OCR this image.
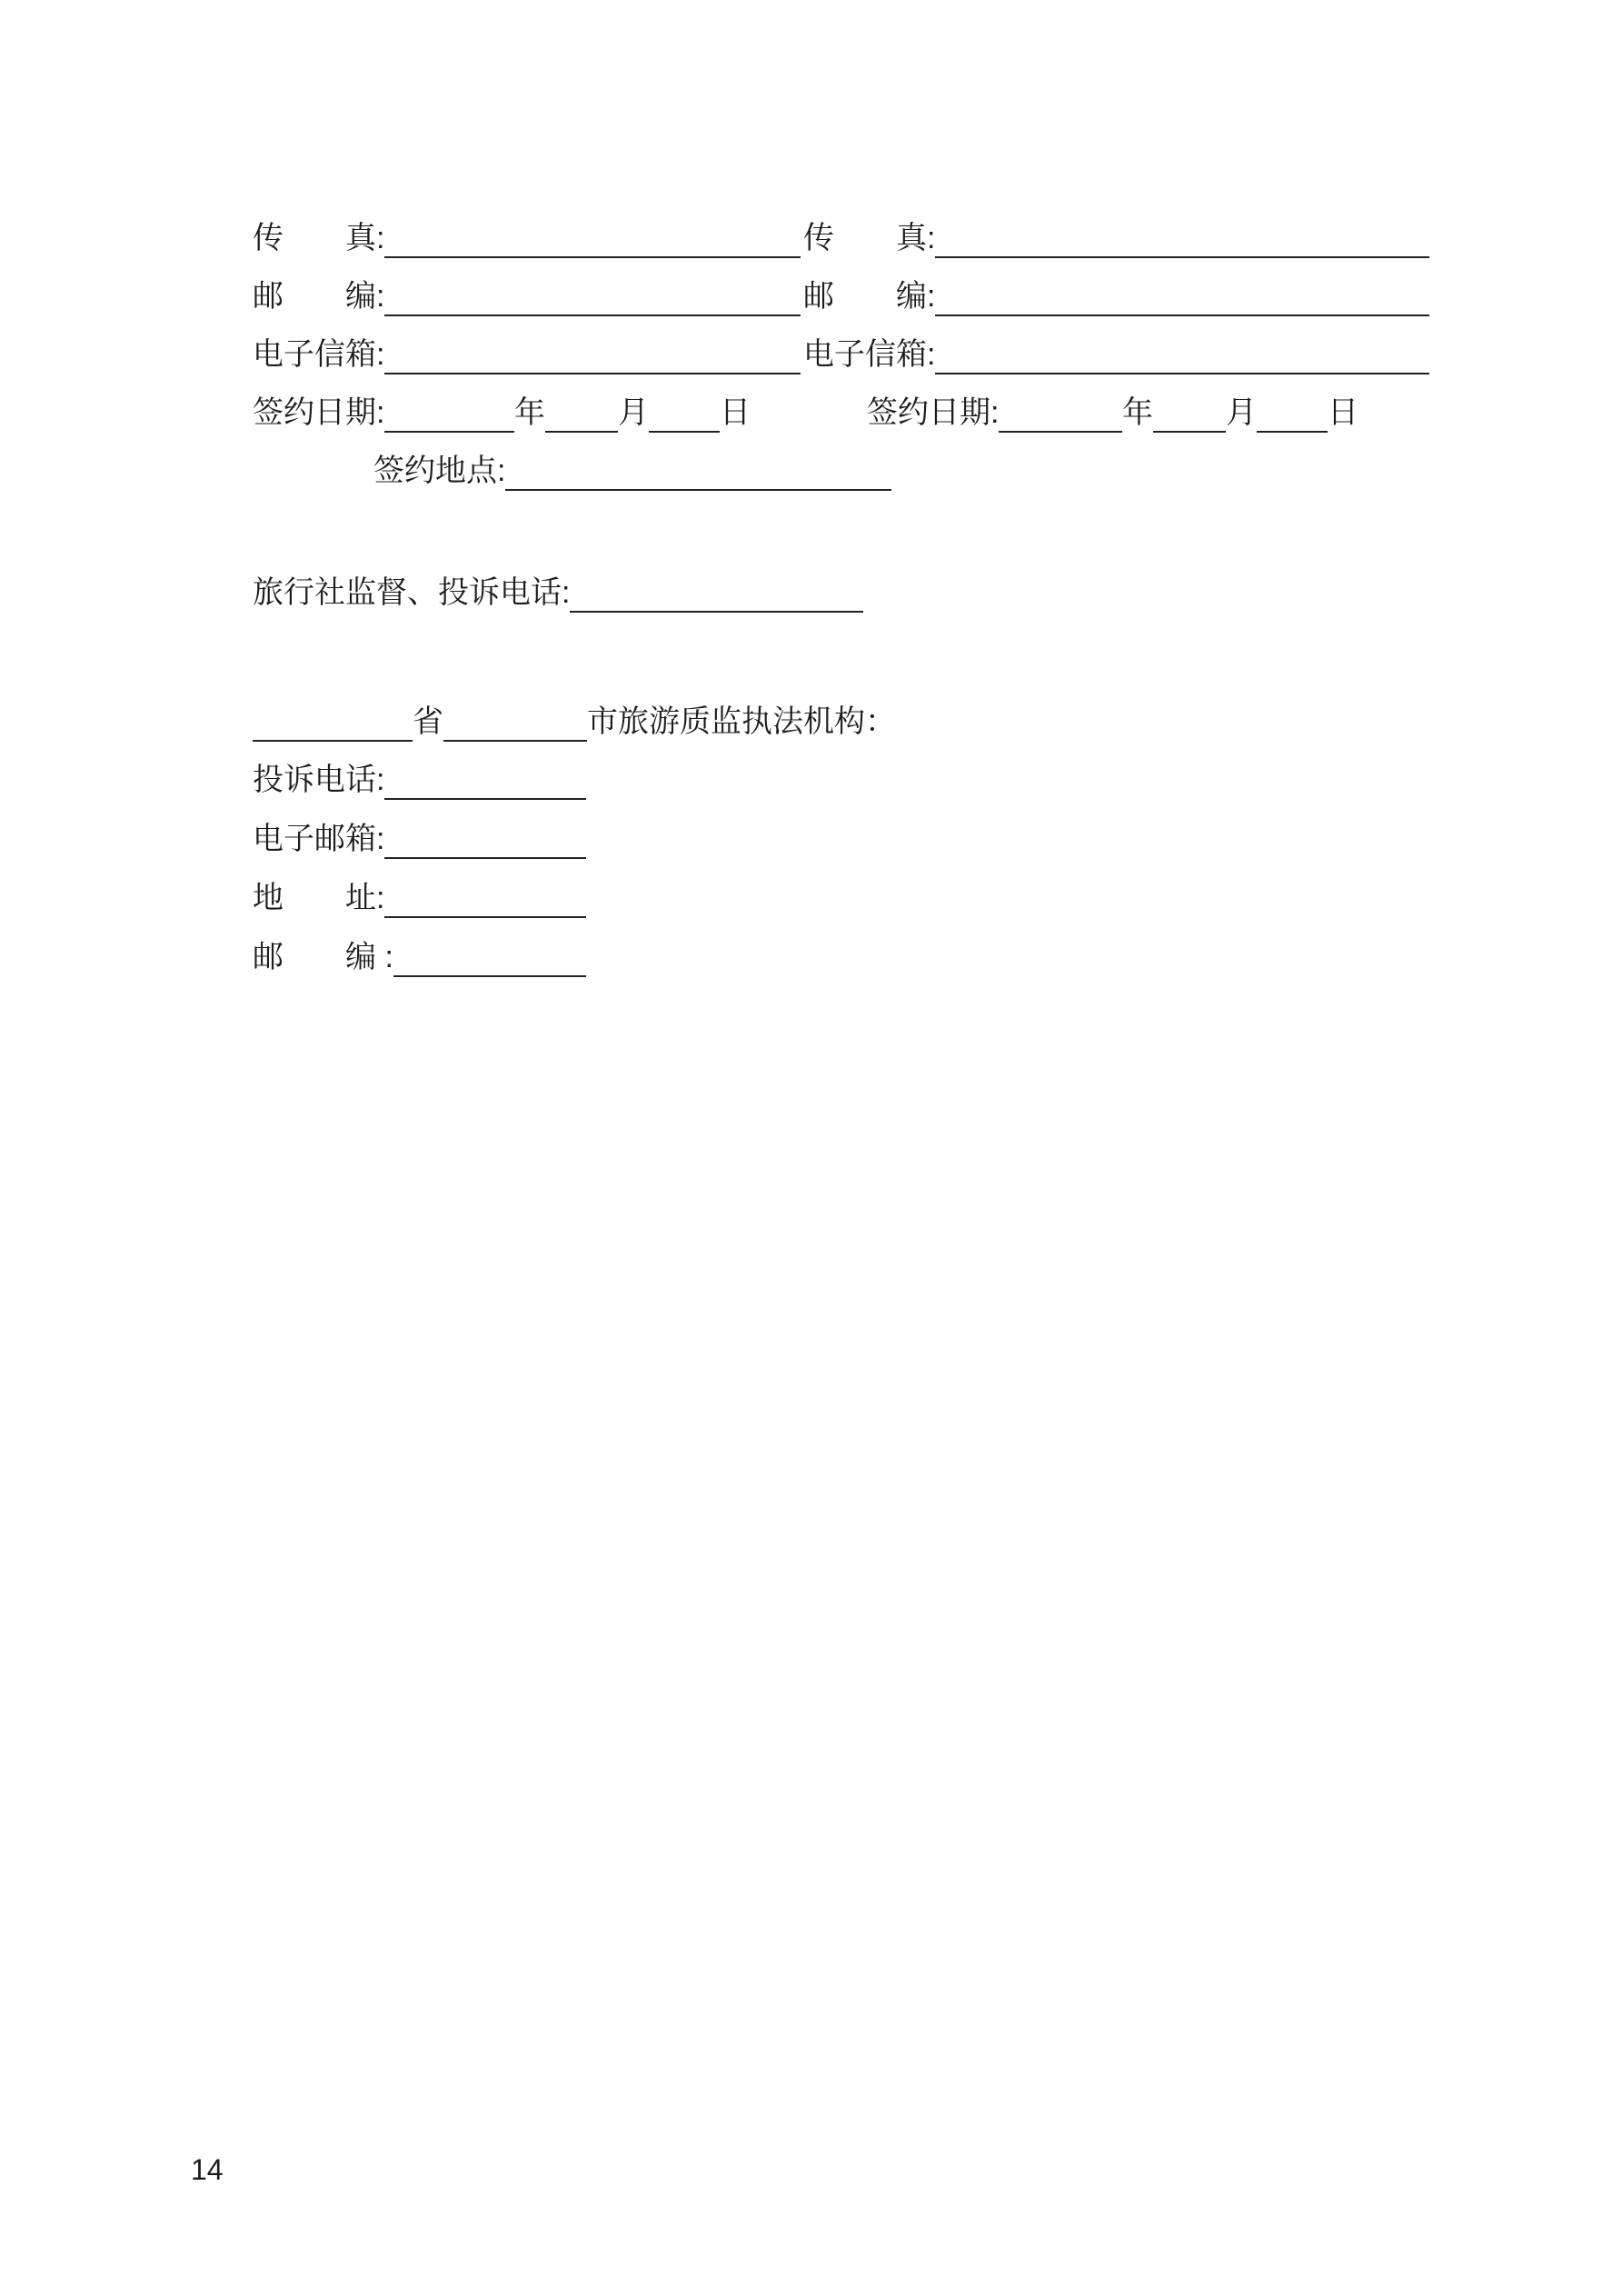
传　　真:	传　　真:
邮　　编:	邮　　编:
电子信箱:	电子信箱:
签约日期:	年 月 日	签约日期:	年 月 日
签约地点:
旅行社监督、投诉电话:
省	市旅游质监执法机构：
投诉电话:
电子邮箱:
地　　址:
邮　　编 :
14
